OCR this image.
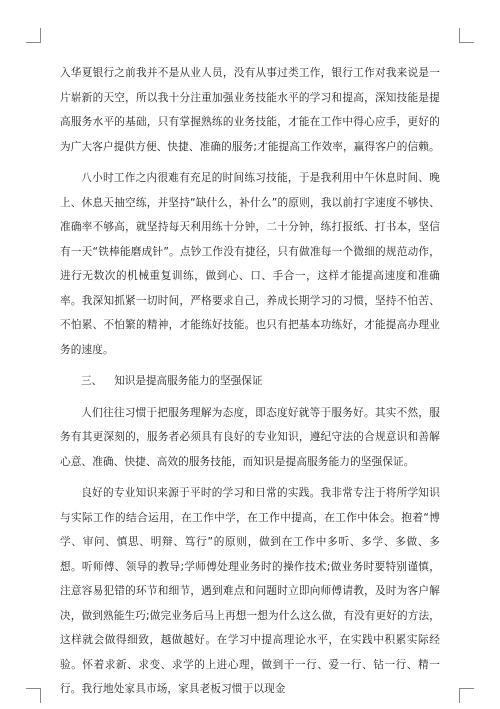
入华夏银行之前我并不是从业人员，没有从事过类工作，银行工作对我来说是一片崭新的天空，所以我十分注重加强业务技能水平的学习和提高，深知技能是提高服务水平的基础，只有掌握熟练的业务技能，才能在工作中得心应手，更好的为广大客户提供方便、快捷、准确的服务;才能提高工作效率，赢得客户的信赖。

八小时工作之内很难有充足的时间练习技能，于是我利用中午休息时间、晚上、休息天抽空练，并坚持“缺什么，补什么”的原则，我以前打字速度不够快、准确率不够高，就坚持每天利用练十分钟，二十分钟，练打报纸、打书本，坚信有一天“铁棒能磨成针”。点钞工作没有捷径，只有做准每一个微细的规范动作，进行无数次的机械重复训练，做到心、口、手合一，这样才能提高速度和准确率。我深知抓紧一切时间，严格要求自己，养成长期学习的习惯，坚持不怕苦、不怕累、不怕繁的精神，才能练好技能。也只有把基本功练好，才能提高办理业务的速度。

三、 知识是提高服务能力的坚强保证

人们往往习惯于把服务理解为态度，即态度好就等于服务好。其实不然，服务有其更深刻的，服务者必须具有良好的专业知识，遵纪守法的合规意识和善解心意、准确、快捷、高效的服务技能，而知识是提高服务能力的坚强保证。

良好的专业知识来源于平时的学习和日常的实践。我非常专注于将所学知识与实际工作的结合运用，在工作中学，在工作中提高，在工作中体会。抱着“博学、审问、慎思、明辩、笃行”的原则，做到在工作中多听、多学、多做、多想。听师傅、领导的教导;学师傅处理业务时的操作技术;做业务时要特别谨慎，注意容易犯错的环节和细节，遇到难点和问题时立即向师傅请教，及时为客户解决，做到熟能生巧;做完业务后马上再想一想为什么这么做，有没有更好的方法，这样就会做得细致，越做越好。在学习中提高理论水平，在实践中积累实际经验。怀着求新、求变、求学的上进心理，做到干一行、爱一行、钻一行、精一行。我行地处家具市场，家具老板习惯于以现金
